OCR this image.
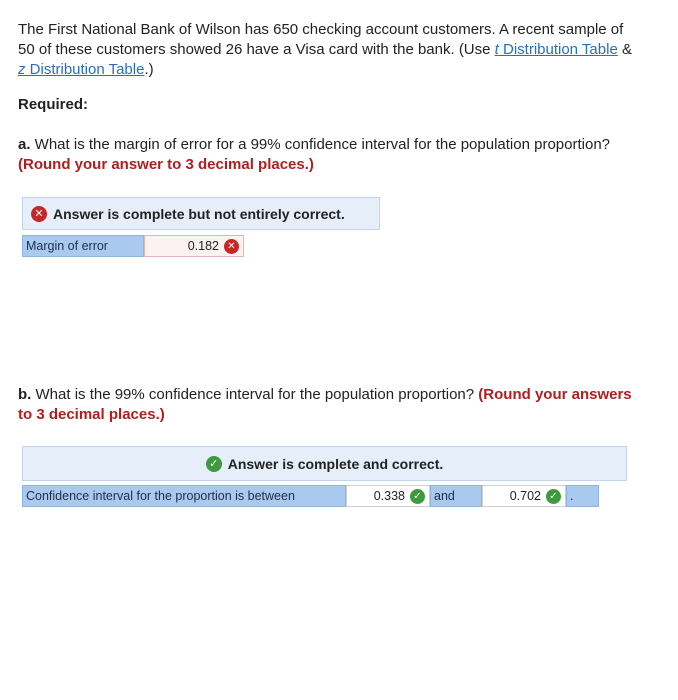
The First National Bank of Wilson has 650 checking account customers. A recent sample of 50 of these customers showed 26 have a Visa card with the bank. (Use t Distribution Table & z Distribution Table.)
Required:
a. What is the margin of error for a 99% confidence interval for the population proportion? (Round your answer to 3 decimal places.)
✕ Answer is complete but not entirely correct.
Margin of error	0.182 ✕
b. What is the 99% confidence interval for the population proportion? (Round your answers to 3 decimal places.)
✓ Answer is complete and correct.
Confidence interval for the proportion is between	0.338 ✓ and	0.702 ✓ .
